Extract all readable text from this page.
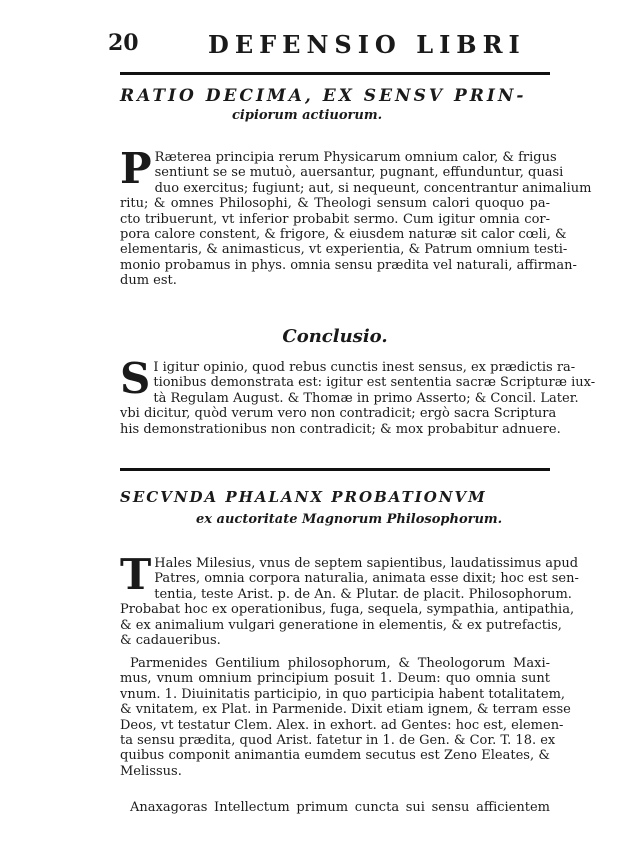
20	DEFENSIO LIBRI
RATIO DECIMA, EX SENSV PRIN-
cipiorum actiuorum.
P Ræterea principia rerum Physicarum omnium calor, & frigus
sentiunt se se mutuò, auersantur, pugnant, effunduntur, quasi
duo exercitus; fugiunt; aut, si nequeunt, concentrantur animalium
ritu; & omnes Philosophi, & Theologi sensum calori quoquo pa-
cto tribuerunt, vt inferior probabit sermo. Cum igitur omnia cor-
pora calore constent, & frigore, & eiusdem naturæ sit calor cœli, &
elementaris, & animasticus, vt experientia, & Patrum omnium testi-
monio probamus in phys. omnia sensu prædita vel naturali, affirman-
dum est.
Conclusio.
S I igitur opinio, quod rebus cunctis inest sensus, ex prædictis ra-
tionibus demonstrata est: igitur est sententia sacræ Scripturæ iux-
tà Regulam August. & Thomæ in primo Asserto; & Concil. Later.
vbi dicitur, quòd verum vero non contradicit; ergò sacra Scriptura
his demonstrationibus non contradicit; & mox probabitur adnuere.
SECVNDA PHALANX PROBATIONVM
ex auctoritate Magnorum Philosophorum.
T Hales Milesius, vnus de septem sapientibus, laudatissimus apud
Patres, omnia corpora naturalia, animata esse dixit; hoc est sen-
tentia, teste Arist. p. de An. & Plutar. de placit. Philosophorum.
Probabat hoc ex operationibus, fuga, sequela, sympathia, antipathia,
& ex animalium vulgari generatione in elementis, & ex putrefactis,
& cadaueribus.
Parmenides Gentilium philosophorum, & Theologorum Maxi-
mus, vnum omnium principium posuit 1. Deum: quo omnia sunt
vnum. 1. Diuinitatis participio, in quo participia habent totalitatem,
& vnitatem, ex Plat. in Parmenide. Dixit etiam ignem, & terram esse
Deos, vt testatur Clem. Alex. in exhort. ad Gentes: hoc est, elemen-
ta sensu prædita, quod Arist. fatetur in 1. de Gen. & Cor. T. 18. ex
quibus componit animantia eumdem secutus est Zeno Eleates, &
Melissus.
Anaxagoras Intellectum primum cuncta sui sensu afficientem
